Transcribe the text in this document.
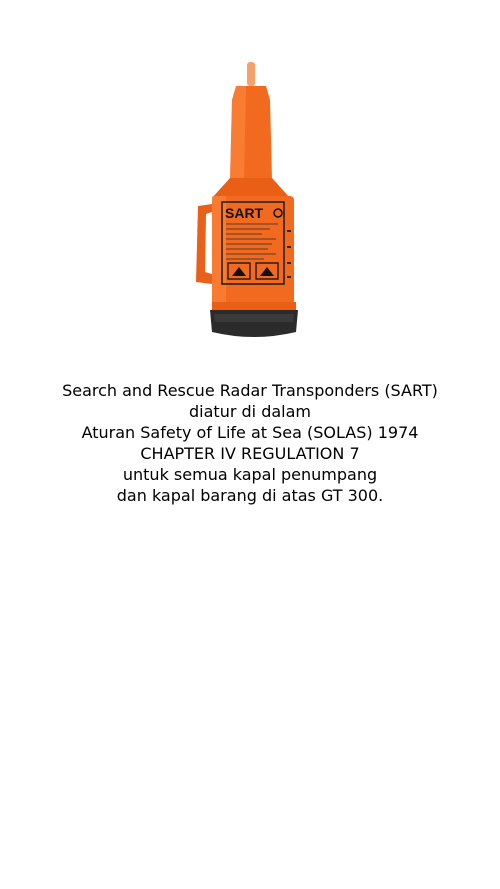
SART
Search and Rescue Radar Transponders (SART)
diatur di dalam
Aturan Safety of Life at Sea (SOLAS) 1974
CHAPTER IV REGULATION 7
untuk semua kapal penumpang
dan kapal barang di atas GT 300.
